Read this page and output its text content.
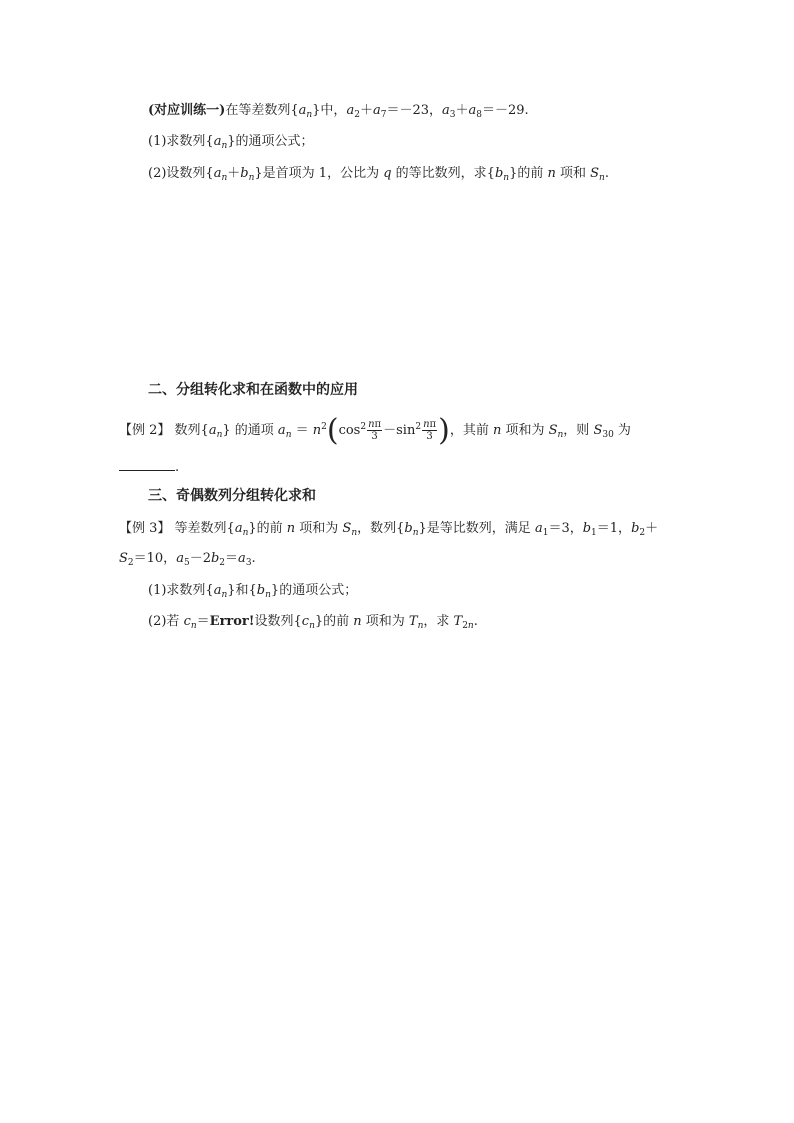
(对应训练一)在等差数列$\{a_n\}$中，$a_2+a_7=-23$，$a_3+a_8=-29$.
(1)求数列$\{a_n\}$的通项公式；
(2)设数列$\{a_n+b_n\}$是首项为 1，公比为 q 的等比数列，求$\{b_n\}$的前 n 项和 $S_n$.
二、分组转化求和在函数中的应用
【例 2】 数列$\{a_n\}$ 的通项 $a_n = n^2(\cos^2 \frac{n\pi}{3} -\sin^2 \frac{n\pi}{3}$ )，其前 n 项和为 $S_n$，则 $S_{30}$ 为
.
三、奇偶数列分组转化求和
【例 3】 等差数列$\{a_n\}$的前 n 项和为 $S_n$，数列$\{b_n\}$是等比数列，满足 $a_1=3$，$b_1=1$，$b_2+$
$S_2=10$，$a_5-2b_2=a_3$.
(1)求数列$\{a_n\}$和$\{b_n\}$的通项公式；
(2)若 $c_n=Error$!设数列$\{c_n\}$的前 n 项和为 $T_n$，求 $T_{2n}$.
